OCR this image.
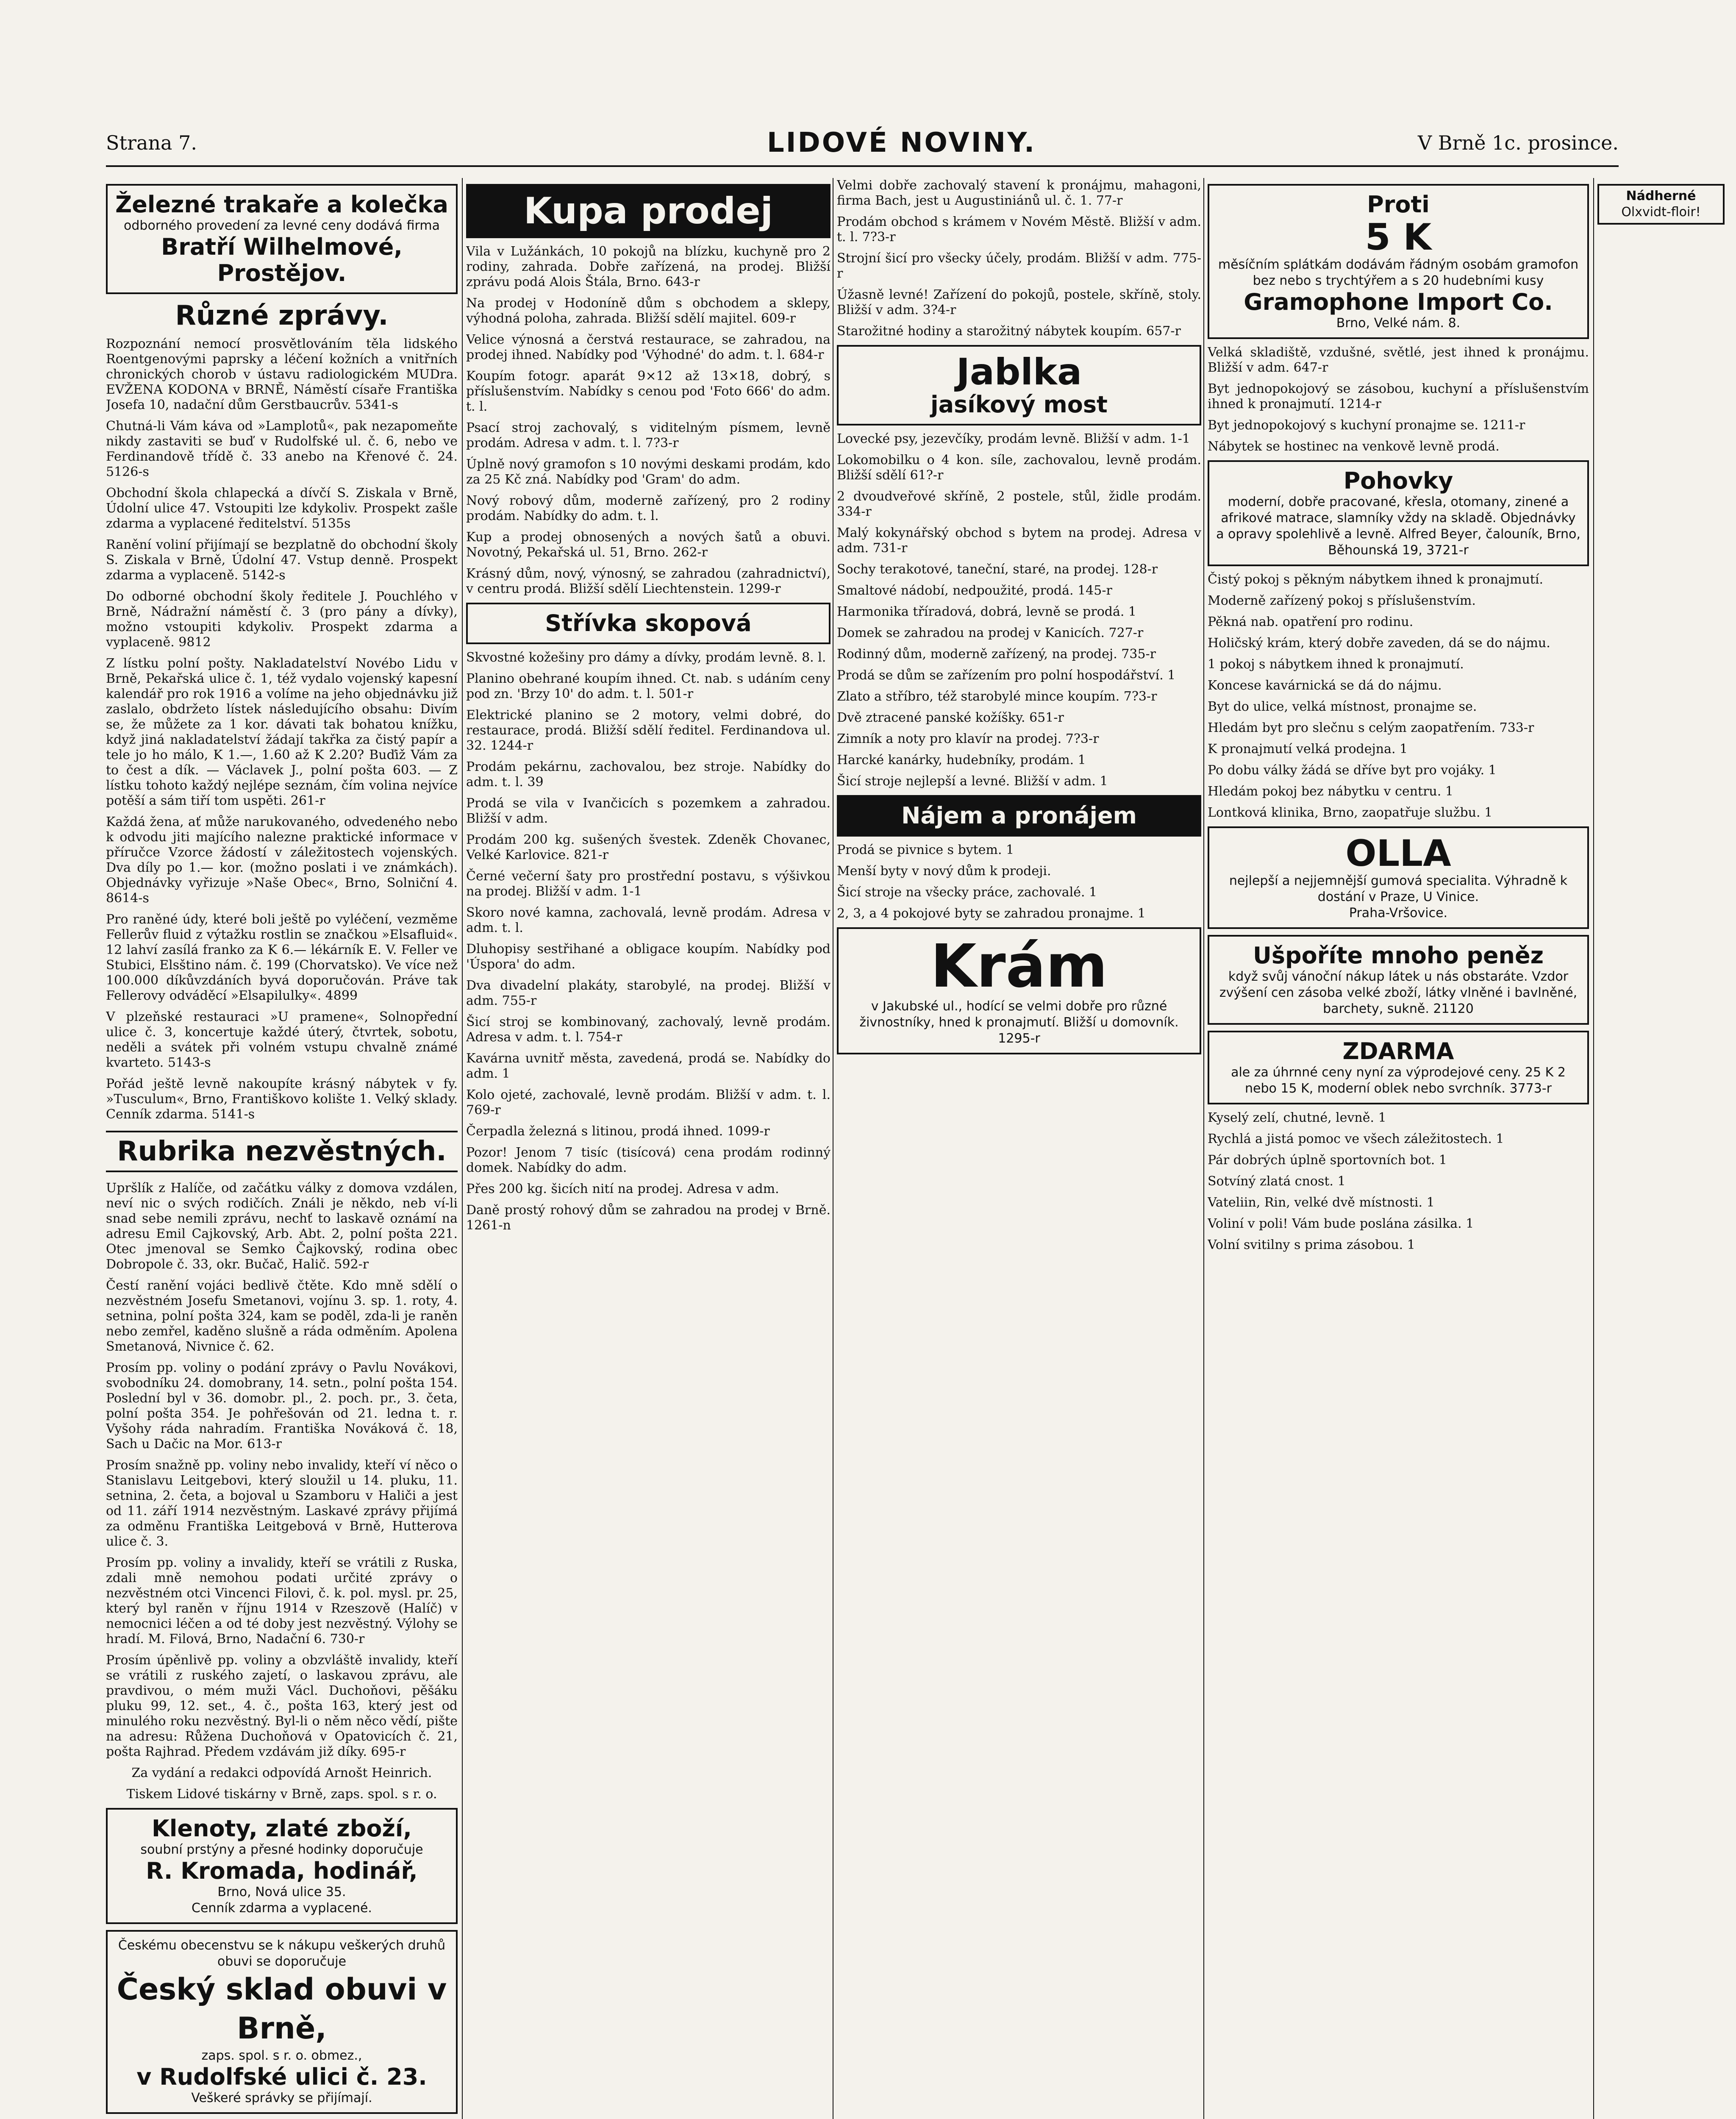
Strana 7.	LIDOVÉ NOVINY.	V Brně 1c. prosince.
Železné trakaře a kolečka
odborného provedení za levné ceny dodává firma
Bratří Wilhelmové, Prostějov.
Různé zprávy.

Rozpoznání nemocí prosvětlováním těla lidského Roentgenovými paprsky a léčení kožních a vnitřních chronických chorob v ústavu radiologickém MUDra. EVŽENA KODONA v BRNĚ, Náměstí císaře Františka Josefa 10, nadační dům Gerstbaucrův. 5341-s

Chutná-li Vám káva od »Lamplotů«, pak nezapomeňte nikdy zastaviti se buď v Rudolfské ul. č. 6, nebo ve Ferdinandově třídě č. 33 anebo na Křenové č. 24. 5126-s

Obchodní škola chlapecká a dívčí S. Ziskala v Brně, Údolní ulice 47. Vstoupiti lze kdykoliv. Prospekt zašle zdarma a vyplacené ředitelství. 5135s

Ranění voliní přijímají se bezplatně do obchodní školy S. Ziskala v Brně, Údolní 47. Vstup denně. Prospekt zdarma a vyplaceně. 5142-s

Do odborné obchodní školy ředitele J. Pouchlého v Brně, Nádražní náměstí č. 3 (pro pány a dívky), možno vstoupiti kdykoliv. Prospekt zdarma a vyplaceně. 9812

Z lístku polní pošty. Nakladatelství Novébo Lidu v Brně, Pekařská ulice č. 1, též vydalo vojenský kapesní kalendář pro rok 1916 a volíme na jeho objednávku již zaslalo, obdržeto lístek následujícího obsahu: Divím se, že můžete za 1 kor. dávati tak bohatou knížku, když jiná nakladatelství žádají takřka za čistý papír a tele jo ho málo, K 1.—, 1.60 až K 2.20? Buďiž Vám za to čest a dík. — Václavek J., polní pošta 603. — Z lístku tohoto každý nejlépe seznám, čím volina nejvíce potěší a sám tiří tom uspěti. 261-r

Každá žena, ať může narukovaného, odvedeného nebo k odvodu jiti majícího nalezne praktické informace v příručce Vzorce žádostí v záležitostech vojenských. Dva díly po 1.— kor. (možno poslati i ve známkách). Objednávky vyřizuje »Naše Obec«, Brno, Solniční 4. 8614-s

Pro raněné údy, které boli ještě po vyléčení, vezměme Fellerův fluid z výtažku rostlin se značkou »Elsafluid«. 12 lahví zasílá franko za K 6.— lékárník E. V. Feller ve Stubici, Elsštino nám. č. 199 (Chorvatsko). Ve více než 100.000 díkůvzdáních byvá doporučován. Práve tak Fellerovy odváděcí »Elsapilulky«. 4899

V plzeňské restauraci »U pramene«, Solnopřední ulice č. 3, koncertuje každé úterý, čtvrtek, sobotu, neděli a svátek při volném vstupu chvalně známé kvarteto. 5143-s

Pořád ještě levně nakoupíte krásný nábytek v fy. »Tusculum«, Brno, Františkovo kolište 1. Velký sklady. Cenník zdarma. 5141-s

Rubrika nezvěstných.

Upršlík z Halíče, od začátku války z domova vzdálen, neví nic o svých rodičích. Ználi je někdo, neb ví-li snad sebe nemili zprávu, nechť to laskavě oznámí na adresu Emil Cajkovský, Arb. Abt. 2, polní pošta 221. Otec jmenoval se Semko Čajkovský, rodina obec Dobropole č. 33, okr. Bučač, Halič. 592-r

Čestí ranění vojáci bedlivě čtěte. Kdo mně sdělí o nezvěstném Josefu Smetanovi, vojínu 3. sp. 1. roty, 4. setnina, polní pošta 324, kam se poděl, zda-li je raněn nebo zemřel, kaděno slušně a ráda odměním. Apolena Smetanová, Nivnice č. 62.

Prosím pp. voliny o podání zprávy o Pavlu Novákovi, svobodníku 24. domobrany, 14. setn., polní pošta 154. Poslední byl v 36. domobr. pl., 2. poch. pr., 3. četa, polní pošta 354. Je pohřešován od 21. ledna t. r. Vyšohy ráda nahradím. Františka Nováková č. 18, Sach u Dačic na Mor. 613-r

Prosím snažně pp. voliny nebo invalidy, kteří ví něco o Stanislavu Leitgebovi, který sloužil u 14. pluku, 11. setnina, 2. četa, a bojoval u Szamboru v Haliči a jest od 11. září 1914 nezvěstným. Laskavé zprávy přijímá za odměnu Františka Leitgebová v Brně, Hutterova ulice č. 3.

Prosím pp. voliny a invalidy, kteří se vrátili z Ruska, zdali mně nemohou podati určité zprávy o nezvěstném otci Vincenci Filovi, č. k. pol. mysl. pr. 25, který byl raněn v říjnu 1914 v Rzeszově (Halíč) v nemocnici léčen a od té doby jest nezvěstný. Výlohy se hradí. M. Filová, Brno, Nadační 6. 730-r

Prosím úpěnlivě pp. voliny a obzvláště invalidy, kteří se vrátili z ruského zajetí, o laskavou zprávu, ale pravdivou, o mém muži Václ. Duchoňovi, pěšáku pluku 99, 12. set., 4. č., pošta 163, který jest od minulého roku nezvěstný. Byl-li o něm něco vědí, pište na adresu: Růžena Duchoňová v Opatovicích č. 21, pošta Rajhrad. Předem vzdávám již díky. 695-r

Za vydání a redakci odpovídá Arnošt Heinrich.

Tiskem Lidové tiskárny v Brně, zaps. spol. s r. o.

Klenoty, zlaté zboží,
soubní prstýny a přesné hodinky doporučuje
R. Kromada, hodinář,
Brno, Nová ulice 35.
Cenník zdarma a vyplacené.
Českému obecenstvu se k nákupu veškerých druhů obuvi se doporučuje
Český sklad obuvi v Brně,
zaps. spol. s r. o. obmez.,
v Rudolfské ulici č. 23.
Veškeré správky se přijímají.
Kupa prodej

Vila v Lužánkách, 10 pokojů na blízku, kuchyně pro 2 rodiny, zahrada. Dobře zařízená, na prodej. Bližší zprávu podá Alois Štála, Brno. 643-r

Na prodej v Hodoníně dům s obchodem a sklepy, výhodná poloha, zahrada. Bližší sdělí majitel. 609-r

Velice výnosná a čerstvá restaurace, se zahradou, na prodej ihned. Nabídky pod 'Výhodné' do adm. t. l. 684-r

Koupím fotogr. aparát 9×12 až 13×18, dobrý, s příslušenstvím. Nabídky s cenou pod 'Foto 666' do adm. t. l.

Psací stroj zachovalý, s viditelným písmem, levně prodám. Adresa v adm. t. l. 7?3-r

Úplně nový gramofon s 10 novými deskami prodám, kdo za 25 Kč zná. Nabídky pod 'Gram' do adm.

Nový robový dům, moderně zařízený, pro 2 rodiny prodám. Nabídky do adm. t. l.

Kup a prodej obnosených a nových šatů a obuvi. Novotný, Pekařská ul. 51, Brno. 262-r

Krásný dům, nový, výnosný, se zahradou (zahradnictví), v centru prodá. Bližší sdělí Liechtenstein. 1299-r

Střívka skopová

Skvostné kožešiny pro dámy a dívky, prodám levně. 8. l.

Planino obehrané koupím ihned. Ct. nab. s udáním ceny pod zn. 'Brzy 10' do adm. t. l. 501-r

Elektrické planino se 2 motory, velmi dobré, do restaurace, prodá. Bližší sdělí ředitel. Ferdinandova ul. 32. 1244-r

Prodám pekárnu, zachovalou, bez stroje. Nabídky do adm. t. l. 39

Prodá se vila v Ivančicích s pozemkem a zahradou. Bližší v adm.

Prodám 200 kg. sušených švestek. Zdeněk Chovanec, Velké Karlovice. 821-r

Černé večerní šaty pro prostřední postavu, s výšivkou na prodej. Bližší v adm. 1-1

Skoro nové kamna, zachovalá, levně prodám. Adresa v adm. t. l.

Dluhopisy sestřihané a obligace koupím. Nabídky pod 'Úspora' do adm.

Dva divadelní plakáty, starobylé, na prodej. Bližší v adm. 755-r

Šicí stroj se kombinovaný, zachovalý, levně prodám. Adresa v adm. t. l. 754-r

Kavárna uvnitř města, zavedená, prodá se. Nabídky do adm. 1

Kolo ojeté, zachovalé, levně prodám. Bližší v adm. t. l. 769-r

Čerpadla železná s litinou, prodá ihned. 1099-r

Pozor! Jenom 7 tisíc (tisícová) cena prodám rodinný domek. Nabídky do adm.

Přes 200 kg. šicích nití na prodej. Adresa v adm.

Daně prostý rohový dům se zahradou na prodej v Brně. 1261-n

Velmi dobře zachovalý stavení k pronájmu, mahagoni, firma Bach, jest u Augustiniánů ul. č. 1. 77-r

Prodám obchod s krámem v Novém Městě. Bližší v adm. t. l. 7?3-r

Strojní šicí pro všecky účely, prodám. Bližší v adm. 775-r

Úžasně levné! Zařízení do pokojů, postele, skříně, stoly. Bližší v adm. 3?4-r

Starožitné hodiny a starožitný nábytek koupím. 657-r

Jablka
jasíkový most

Lovecké psy, jezevčíky, prodám levně. Bližší v adm. 1-1

Lokomobilku o 4 kon. síle, zachovalou, levně prodám. Bližší sdělí 61?-r

2 dvoudveřové skříně, 2 postele, stůl, židle prodám. 334-r

Malý kokynářský obchod s bytem na prodej. Adresa v adm. 731-r

Sochy terakotové, taneční, staré, na prodej. 128-r

Smaltové nádobí, nedpoužité, prodá. 145-r

Harmonika tříradová, dobrá, levně se prodá. 1

Domek se zahradou na prodej v Kanicích. 727-r

Rodinný dům, moderně zařízený, na prodej. 735-r

Prodá se dům se zařízením pro polní hospodářství. 1

Zlato a stříbro, též starobylé mince koupím. 7?3-r

Dvě ztracené panské kožíšky. 651-r

Zimník a noty pro klavír na prodej. 7?3-r

Harcké kanárky, hudebníky, prodám. 1

Šicí stroje nejlepší a levné. Bližší v adm. 1

Nájem a pronájem

Prodá se pivnice s bytem. 1

Menší byty v nový dům k prodeji.

Šicí stroje na všecky práce, zachovalé. 1

2, 3, a 4 pokojové byty se zahradou pronajme. 1

Krám
v Jakubské ul., hodící se velmi dobře pro různé živnostníky, hned k pronajmutí. Bližší u domovník. 1295-r
Proti
5 K
měsíčním splátkám dodávám řádným osobám gramofon bez nebo s trychtýřem a s 20 hudebními kusy
Gramophone Import Co.
Brno, Velké nám. 8.

Velká skladiště, vzdušné, světlé, jest ihned k pronájmu. Bližší v adm. 647-r

Byt jednopokojový se zásobou, kuchyní a příslušenstvím ihned k pronajmutí. 1214-r

Byt jednopokojový s kuchyní pronajme se. 1211-r

Nábytek se hostinec na venkově levně prodá.

Pohovky
moderní, dobře pracované, křesla, otomany, zinené a afrikové matrace, slamníky vždy na skladě. Objednávky a opravy spolehlivě a levně. Alfred Beyer, čalouník, Brno, Běhounská 19, 3721-r

Čistý pokoj s pěkným nábytkem ihned k pronajmutí.

Moderně zařízený pokoj s příslušenstvím.

Pěkná nab. opatření pro rodinu.

Holičský krám, který dobře zaveden, dá se do nájmu.

1 pokoj s nábytkem ihned k pronajmutí.

Koncese kavárnická se dá do nájmu.

Byt do ulice, velká místnost, pronajme se.

Hledám byt pro slečnu s celým zaopatřením. 733-r

K pronajmutí velká prodejna. 1

Po dobu války žádá se dříve byt pro vojáky. 1

Hledám pokoj bez nábytku v centru. 1

Lontková klinika, Brno, zaopatřuje službu. 1

OLLA
nejlepší a nejjemnější gumová specialita. Výhradně k dostání v Praze, U Vinice.
Praha-Vršovice.
Ušpoříte mnoho peněz
když svůj vánoční nákup látek u nás obstaráte. Vzdor zvýšení cen zásoba velké zboží, látky vlněné i bavlněné, barchety, sukně. 21120
ZDARMA
ale za úhrnné ceny nyní za výprodejové ceny. 25 K 2 nebo 15 K, moderní oblek nebo svrchník. 3773-r

Kyselý zelí, chutné, levně. 1

Rychlá a jistá pomoc ve všech záležitostech. 1

Pár dobrých úplně sportovních bot. 1

Sotvíný zlatá cnost. 1

Vateliin, Rin, velké dvě místnosti. 1

Voliní v poli! Vám bude poslána zásilka. 1

Volní svitilny s prima zásobou. 1

Nádherné
Olxvidt-floir!
